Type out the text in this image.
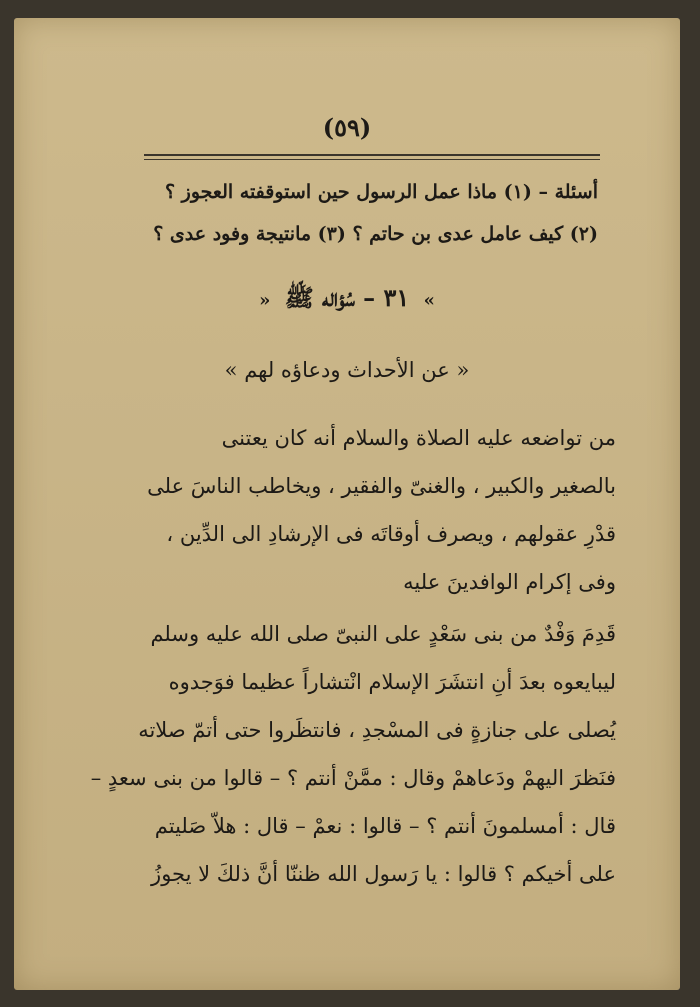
(٥٩)
أسئلة – (١) ماذا عمل الرسول حين استوقفته العجوز ؟
(٢) كيف عامل عدى بن حاتم ؟ (٣) مانتيجة وفود عدى ؟
» ٣١ – سُؤاله ﷺ «
« عن الأحداث ودعاؤه لهم »
من تواضعه عليه الصلاة والسلام أنه كان يعتنى
بالصغير والكبير ، والغنىّ والفقير ، ويخاطب الناسَ على
قدْرِ عقولهم ، ويصرف أوقاتَه فى الإرشادِ الى الدِّين ،
وفى إكرام الوافدينَ عليه
قَدِمَ وَفْدٌ من بنى سَعْدٍ على النبىّ صلى الله عليه وسلم
ليبايعوه بعدَ أنِ انتشَرَ الإسلام انْتشاراً عظيما فوَجدوه
يُصلى على جنازةٍ فى المسْجدِ ، فانتظَروا حتى أتمّ صلاته
فنَظرَ اليهمْ ودَعاهمْ وقال : ممَّنْ أنتم ؟ – قالوا من بنى سعدٍ –
قال : أمسلمونَ أنتم ؟ – قالوا : نعمْ – قال : هلاّ صَليتم
على أخيكم ؟ قالوا : يا رَسول الله ظننّا أنَّ ذلكَ لا يجوزُ
